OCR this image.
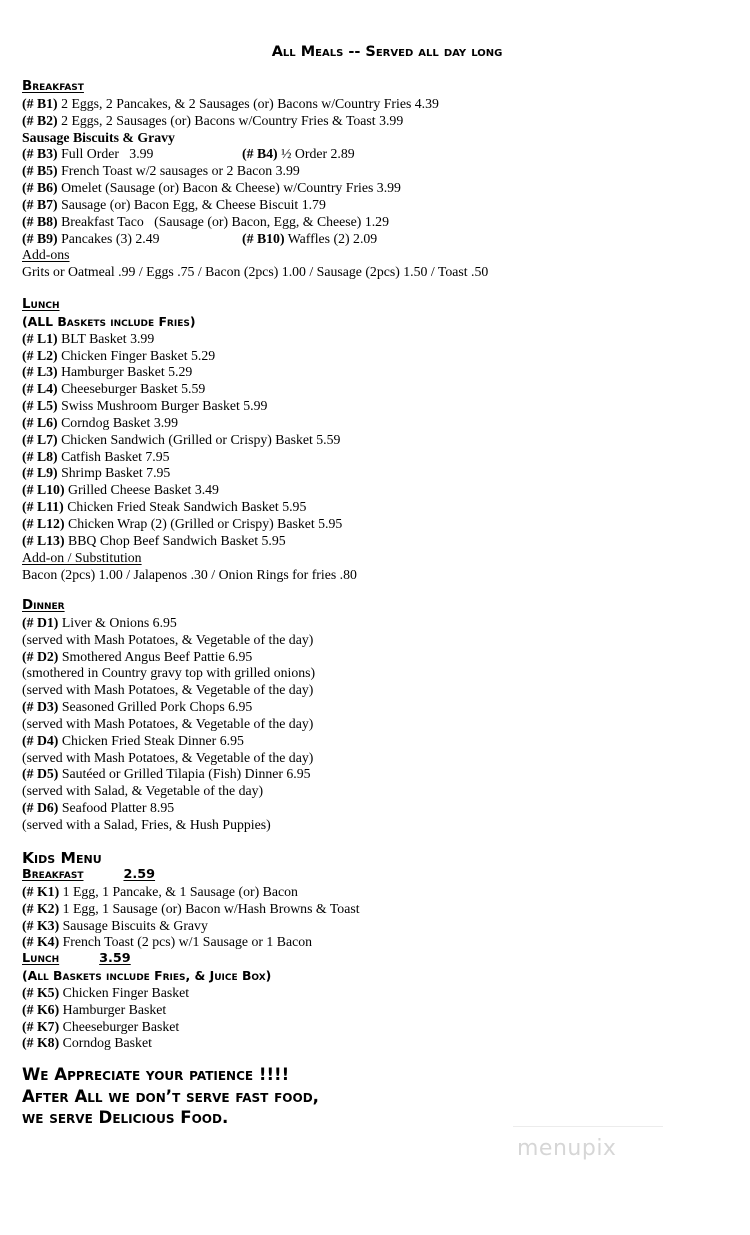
All Meals -- Served all day long
Breakfast
(# B1) 2 Eggs, 2 Pancakes, & 2 Sausages (or) Bacons w/Country Fries 4.39
(# B2) 2 Eggs, 2 Sausages (or) Bacons w/Country Fries & Toast 3.99
Sausage Biscuits & Gravy
(# B3) Full Order   3.99	(# B4) ½ Order 2.89
(# B5) French Toast w/2 sausages or 2 Bacon 3.99
(# B6) Omelet (Sausage (or) Bacon & Cheese) w/Country Fries 3.99
(# B7) Sausage (or) Bacon Egg, & Cheese Biscuit 1.79
(# B8) Breakfast Taco   (Sausage (or) Bacon, Egg, & Cheese) 1.29
(# B9) Pancakes (3) 2.49	(# B10) Waffles (2) 2.09
Add-ons
Grits or Oatmeal .99 / Eggs .75 / Bacon (2pcs) 1.00 / Sausage (2pcs) 1.50 / Toast .50
Lunch
(ALL Baskets include Fries)
(# L1) BLT Basket 3.99
(# L2) Chicken Finger Basket 5.29
(# L3) Hamburger Basket 5.29
(# L4) Cheeseburger Basket 5.59
(# L5) Swiss Mushroom Burger Basket 5.99
(# L6) Corndog Basket 3.99
(# L7) Chicken Sandwich (Grilled or Crispy) Basket 5.59
(# L8) Catfish Basket 7.95
(# L9) Shrimp Basket 7.95
(# L10) Grilled Cheese Basket 3.49
(# L11) Chicken Fried Steak Sandwich Basket 5.95
(# L12) Chicken Wrap (2) (Grilled or Crispy) Basket 5.95
(# L13) BBQ Chop Beef Sandwich Basket 5.95
Add-on / Substitution
Bacon (2pcs) 1.00 / Jalapenos .30 / Onion Rings for fries .80
Dinner
(# D1) Liver & Onions 6.95
(served with Mash Potatoes, & Vegetable of the day)
(# D2) Smothered Angus Beef Pattie 6.95
(smothered in Country gravy top with grilled onions)
(served with Mash Potatoes, & Vegetable of the day)
(# D3) Seasoned Grilled Pork Chops 6.95
(served with Mash Potatoes, & Vegetable of the day)
(# D4) Chicken Fried Steak Dinner 6.95
(served with Mash Potatoes, & Vegetable of the day)
(# D5) Sautéed or Grilled Tilapia (Fish) Dinner 6.95
(served with Salad, & Vegetable of the day)
(# D6) Seafood Platter 8.95
(served with a Salad, Fries, & Hush Puppies)
Kids Menu
Breakfast	2.59
(# K1) 1 Egg, 1 Pancake, & 1 Sausage (or) Bacon
(# K2) 1 Egg, 1 Sausage (or) Bacon w/Hash Browns & Toast
(# K3) Sausage Biscuits & Gravy
(# K4) French Toast (2 pcs) w/1 Sausage or 1 Bacon
Lunch	3.59
(All Baskets include Fries, & Juice Box)
(# K5) Chicken Finger Basket
(# K6) Hamburger Basket
(# K7) Cheeseburger Basket
(# K8) Corndog Basket
We Appreciate your patience !!!!
After All we don’t serve fast food,
we serve Delicious Food.
menupix
